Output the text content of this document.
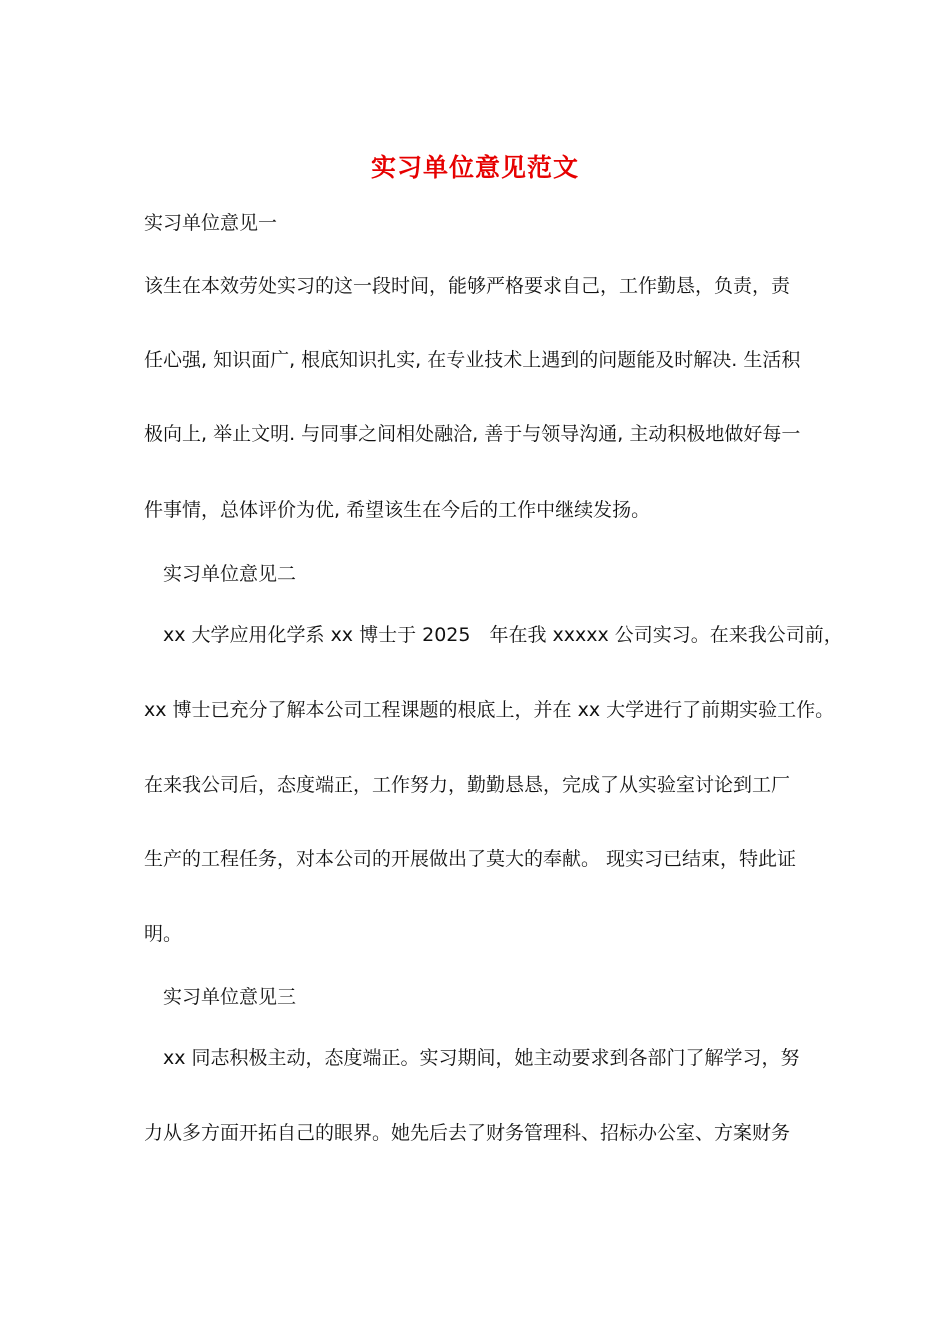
实习单位意见范文
实习单位意见一
该生在本效劳处实习的这一段时间，能够严格要求自己，工作勤恳，负责，责
任心强, 知识面广, 根底知识扎实, 在专业技术上遇到的问题能及时解决. 生活积
极向上, 举止文明. 与同事之间相处融洽, 善于与领导沟通, 主动积极地做好每一
件事情，总体评价为优, 希望该生在今后的工作中继续发扬。
实习单位意见二
xx 大学应用化学系 xx 博士于 2025　年在我 xxxxx 公司实习。在来我公司前，
xx 博士已充分了解本公司工程课题的根底上，并在 xx 大学进行了前期实验工作。
在来我公司后，态度端正，工作努力，勤勤恳恳，完成了从实验室讨论到工厂
生产的工程任务，对本公司的开展做出了莫大的奉献。 现实习已结束，特此证
明。
实习单位意见三
xx 同志积极主动，态度端正。实习期间，她主动要求到各部门了解学习，努
力从多方面开拓自己的眼界。她先后去了财务管理科、招标办公室、方案财务
